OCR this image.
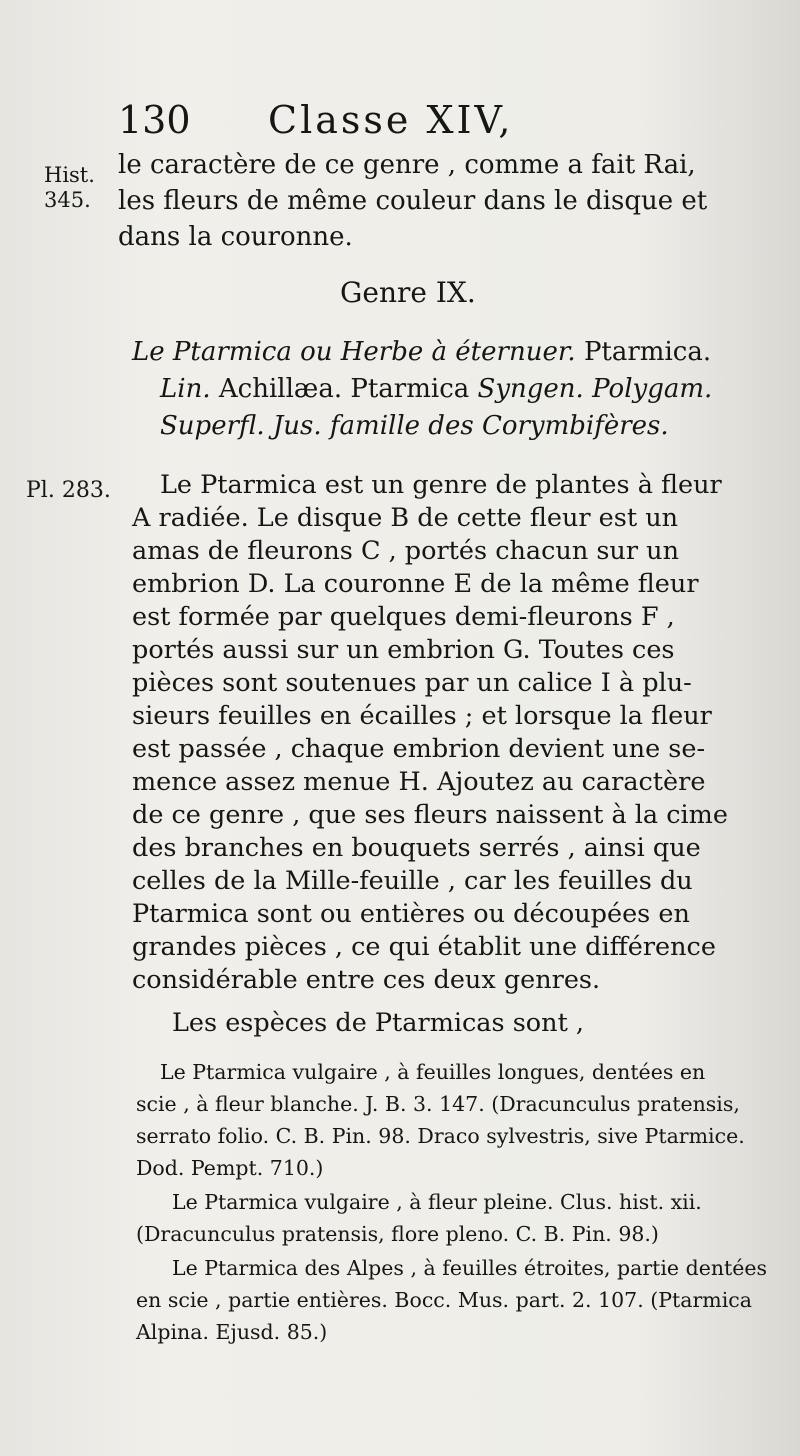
130 Classe XIV,
Hist.
345.
le caractère de ce genre , comme a fait Rai,
les fleurs de même couleur dans le disque et
dans la couronne.
Genre IX.
Le Ptarmica ou Herbe à éternuer. Ptarmica.
Lin. Achillæa. Ptarmica Syngen. Polygam.
Superfl. Jus. famille des Corymbifères.
Pl. 283. Le Ptarmica est un genre de plantes à fleur
A radiée. Le disque B de cette fleur est un
amas de fleurons C , portés chacun sur un
embrion D. La couronne E de la même fleur
est formée par quelques demi-fleurons F ,
portés aussi sur un embrion G. Toutes ces
pièces sont soutenues par un calice I à plu-
sieurs feuilles en écailles ; et lorsque la fleur
est passée , chaque embrion devient une se-
mence assez menue H. Ajoutez au caractère
de ce genre , que ses fleurs naissent à la cime
des branches en bouquets serrés , ainsi que
celles de la Mille-feuille , car les feuilles du
Ptarmica sont ou entières ou découpées en
grandes pièces , ce qui établit une différence
considérable entre ces deux genres.
Les espèces de Ptarmicas sont ,
Le Ptarmica vulgaire , à feuilles longues, dentées en
scie , à fleur blanche. J. B. 3. 147. (Dracunculus pratensis,
serrato folio. C. B. Pin. 98. Draco sylvestris, sive Ptarmice.
Dod. Pempt. 710.)
Le Ptarmica vulgaire , à fleur pleine. Clus. hist. xii.
(Dracunculus pratensis, flore pleno. C. B. Pin. 98.)
Le Ptarmica des Alpes , à feuilles étroites, partie dentées
en scie , partie entières. Bocc. Mus. part. 2. 107. (Ptarmica
Alpina. Ejusd. 85.)
